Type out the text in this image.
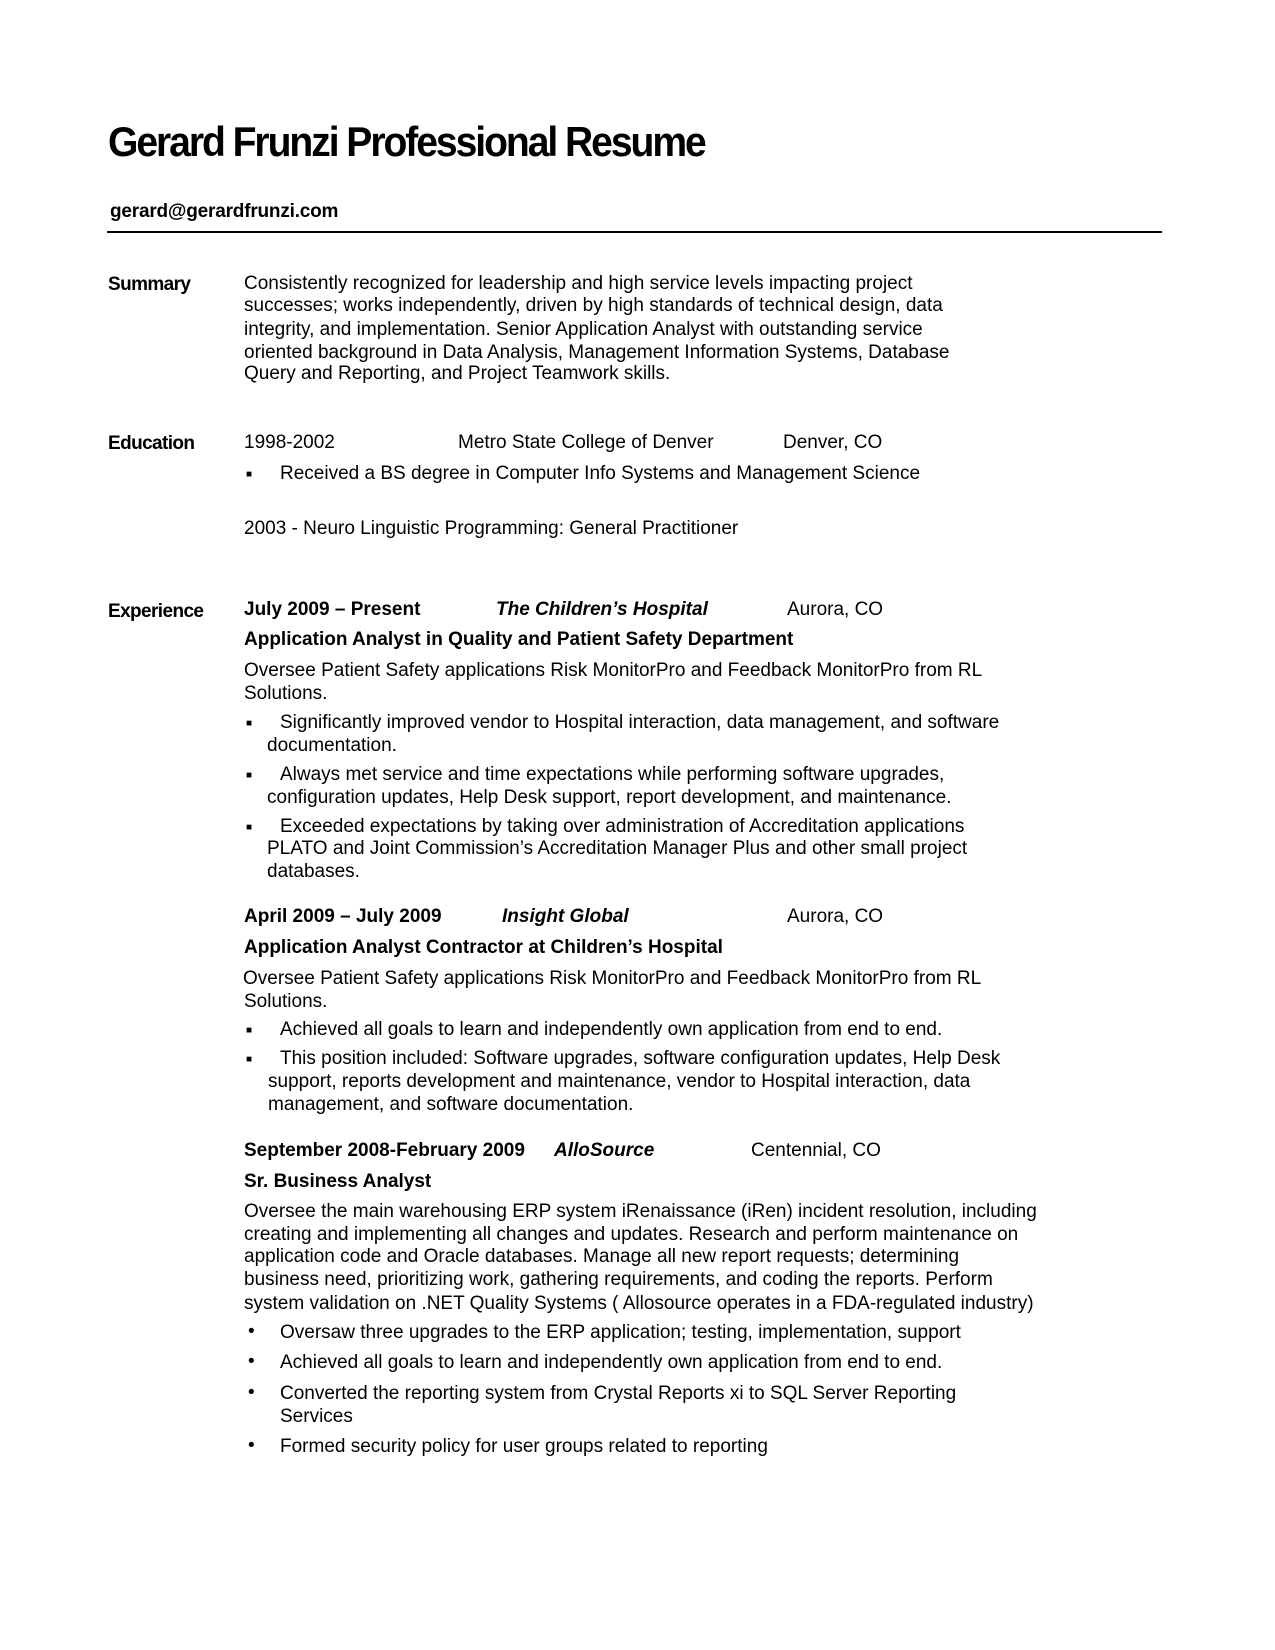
Gerard Frunzi Professional Resume
gerard@gerardfrunzi.com
Summary	Consistently recognized for leadership and high service levels impacting project
successes; works independently, driven by high standards of technical design, data
integrity, and implementation. Senior Application Analyst with outstanding service
oriented background in Data Analysis, Management Information Systems, Database
Query and Reporting, and Project Teamwork skills.
Education	1998-2002	Metro State College of Denver	Denver, CO
■ Received a BS degree in Computer Info Systems and Management Science
2003 - Neuro Linguistic Programming: General Practitioner
Experience July 2009 – Present	The Children’s Hospital	Aurora, CO
Application Analyst in Quality and Patient Safety Department
Oversee Patient Safety applications Risk MonitorPro and Feedback MonitorPro from RL
Solutions.
■ Significantly improved vendor to Hospital interaction, data management, and software
documentation.
■ Always met service and time expectations while performing software upgrades,
configuration updates, Help Desk support, report development, and maintenance.
■ Exceeded expectations by taking over administration of Accreditation applications
PLATO and Joint Commission’s Accreditation Manager Plus and other small project
databases.
April 2009 – July 2009	Insight Global	Aurora, CO
Application Analyst Contractor at Children’s Hospital
Oversee Patient Safety applications Risk MonitorPro and Feedback MonitorPro from RL
Solutions.
■ Achieved all goals to learn and independently own application from end to end.
■ This position included: Software upgrades, software configuration updates, Help Desk
support, reports development and maintenance, vendor to Hospital interaction, data
management, and software documentation.
September 2008-February 2009 AlloSource	Centennial, CO
Sr. Business Analyst
Oversee the main warehousing ERP system iRenaissance (iRen) incident resolution, including
creating and implementing all changes and updates. Research and perform maintenance on
application code and Oracle databases. Manage all new report requests; determining
business need, prioritizing work, gathering requirements, and coding the reports. Perform
system validation on .NET Quality Systems ( Allosource operates in a FDA-regulated industry)
• Oversaw three upgrades to the ERP application; testing, implementation, support
• Achieved all goals to learn and independently own application from end to end.
• Converted the reporting system from Crystal Reports xi to SQL Server Reporting
Services
• Formed security policy for user groups related to reporting
